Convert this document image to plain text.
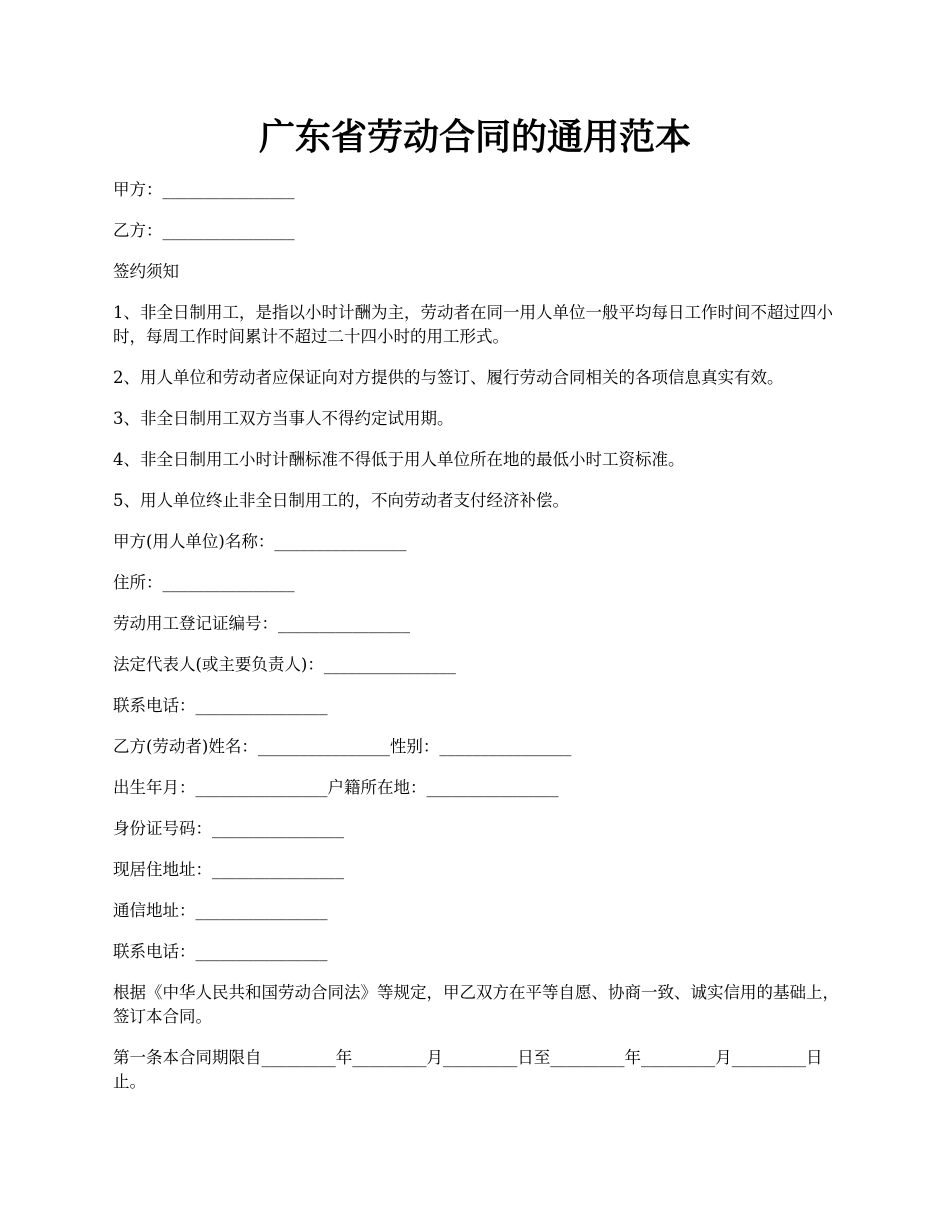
广东省劳动合同的通用范本

甲方：________________

乙方：________________

签约须知

1、非全日制用工，是指以小时计酬为主，劳动者在同一用人单位一般平均每日工作时间不超过四小时，每周工作时间累计不超过二十四小时的用工形式。

2、用人单位和劳动者应保证向对方提供的与签订、履行劳动合同相关的各项信息真实有效。

3、非全日制用工双方当事人不得约定试用期。

4、非全日制用工小时计酬标准不得低于用人单位所在地的最低小时工资标准。

5、用人单位终止非全日制用工的，不向劳动者支付经济补偿。

甲方(用人单位)名称：________________

住所：________________

劳动用工登记证编号：________________

法定代表人(或主要负责人)：________________

联系电话：________________

乙方(劳动者)姓名：________________性别：________________

出生年月：________________户籍所在地：________________

身份证号码：________________

现居住地址：________________

通信地址：________________

联系电话：________________

根据《中华人民共和国劳动合同法》等规定，甲乙双方在平等自愿、协商一致、诚实信用的基础上，签订本合同。

第一条本合同期限自_________年_________月_________日至_________年_________月_________日止。
